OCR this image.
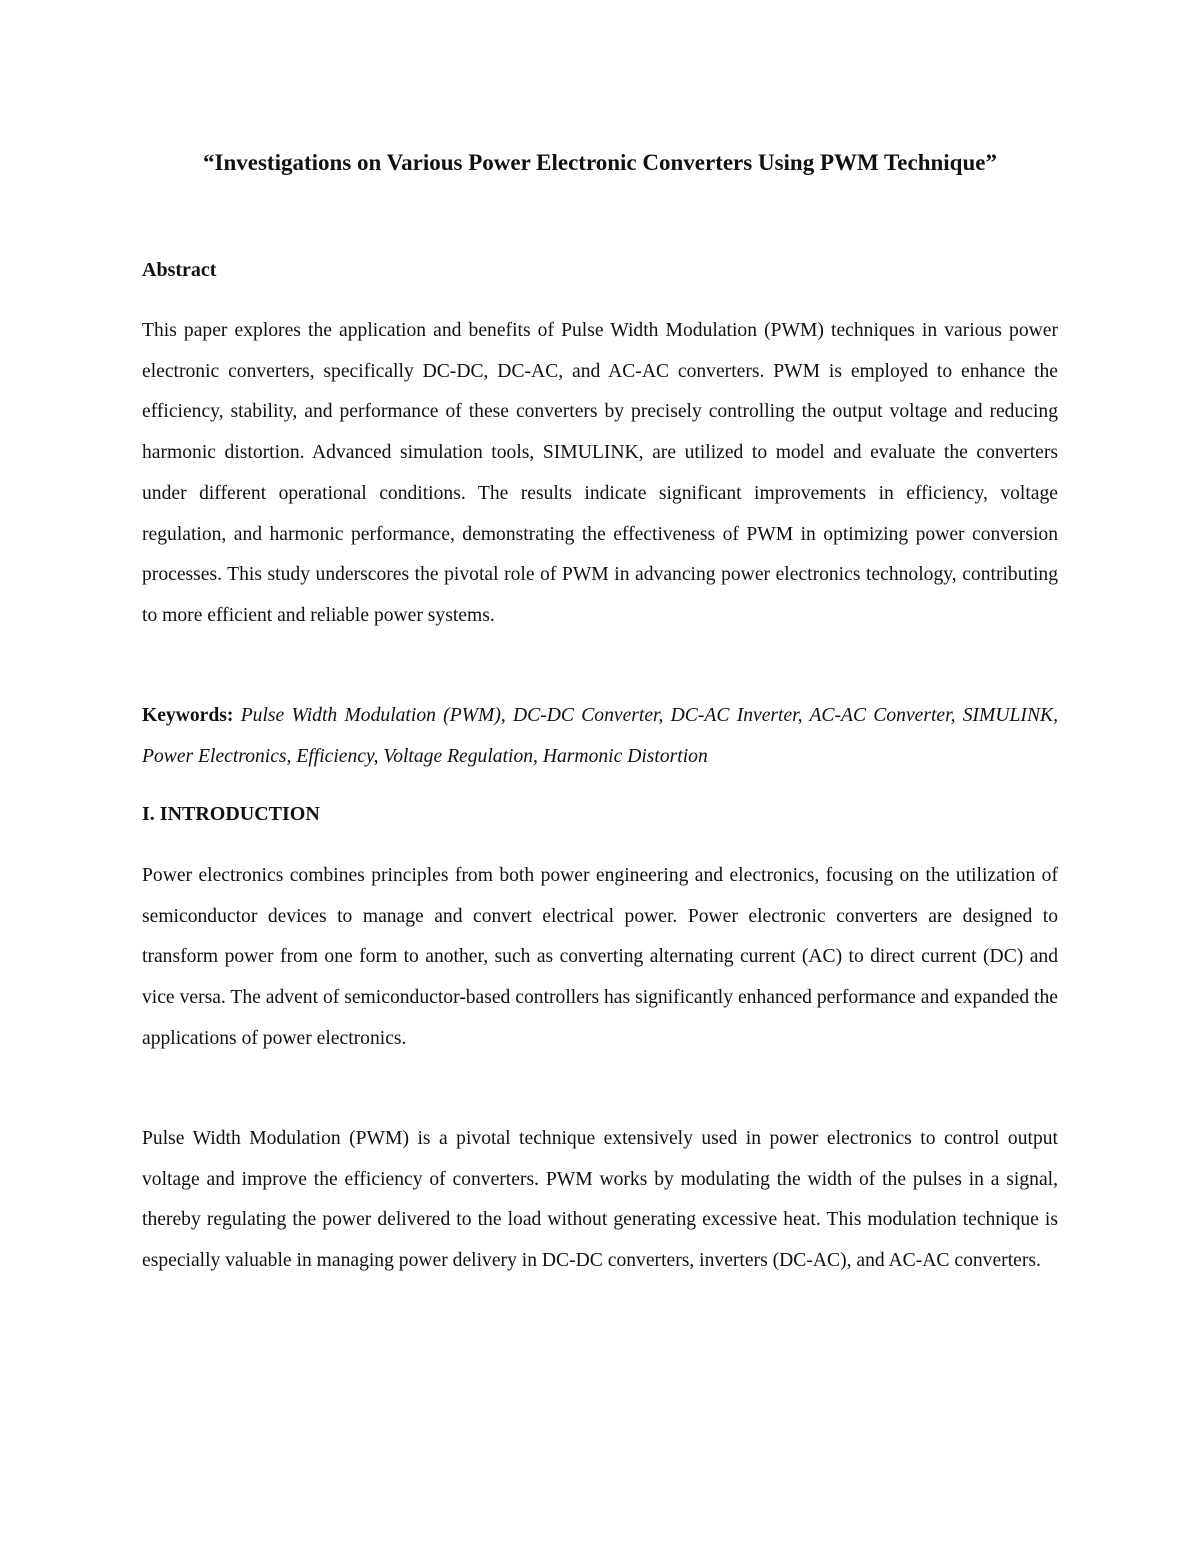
“Investigations on Various Power Electronic Converters Using PWM Technique”
Abstract

This paper explores the application and benefits of Pulse Width Modulation (PWM) techniques in various power electronic converters, specifically DC-DC, DC-AC, and AC-AC converters. PWM is employed to enhance the efficiency, stability, and performance of these converters by precisely controlling the output voltage and reducing harmonic distortion. Advanced simulation tools, SIMULINK, are utilized to model and evaluate the converters under different operational conditions. The results indicate significant improvements in efficiency, voltage regulation, and harmonic performance, demonstrating the effectiveness of PWM in optimizing power conversion processes. This study underscores the pivotal role of PWM in advancing power electronics technology, contributing to more efficient and reliable power systems.

Keywords: Pulse Width Modulation (PWM), DC-DC Converter, DC-AC Inverter, AC-AC Converter, SIMULINK, Power Electronics, Efficiency, Voltage Regulation, Harmonic Distortion

I. INTRODUCTION

Power electronics combines principles from both power engineering and electronics, focusing on the utilization of semiconductor devices to manage and convert electrical power. Power electronic converters are designed to transform power from one form to another, such as converting alternating current (AC) to direct current (DC) and vice versa. The advent of semiconductor-based controllers has significantly enhanced performance and expanded the applications of power electronics.

Pulse Width Modulation (PWM) is a pivotal technique extensively used in power electronics to control output voltage and improve the efficiency of converters. PWM works by modulating the width of the pulses in a signal, thereby regulating the power delivered to the load without generating excessive heat. This modulation technique is especially valuable in managing power delivery in DC-DC converters, inverters (DC-AC), and AC-AC converters.
